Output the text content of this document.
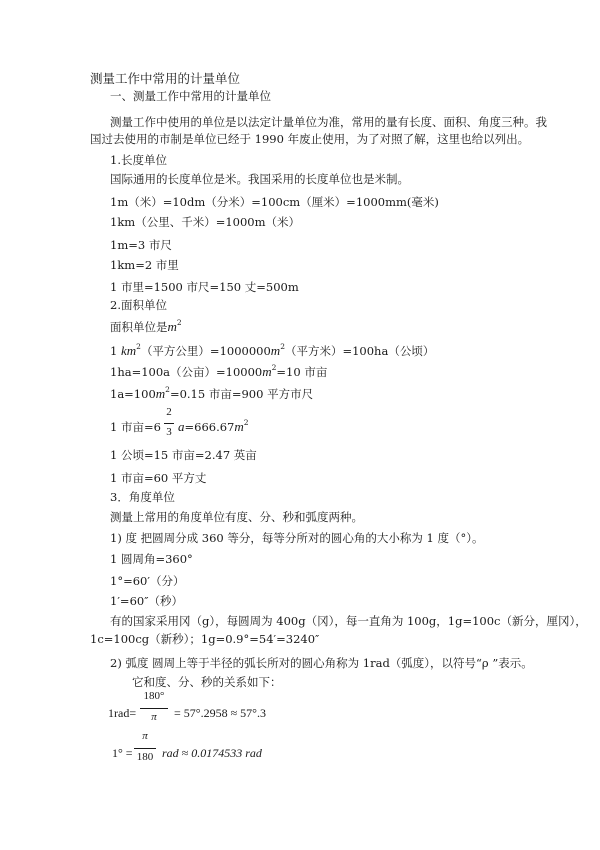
测量工作中常用的计量单位
一、测量工作中常用的计量单位
测量工作中使用的单位是以法定计量单位为准，常用的量有长度、面积、角度三种。我
国过去使用的市制是单位已经于 1990 年废止使用，为了对照了解，这里也给以列出。
1.长度单位
国际通用的长度单位是米。我国采用的长度单位也是米制。
1m（米）=10dm（分米）=100cm（厘米）=1000mm(毫米)
1km（公里、千米）=1000m（米）
1m=3 市尺
1km=2 市里
1 市里=1500 市尺=150 丈=500m
2.面积单位
面积单位是$m^2$
1 $km^2$（平方公里）$=1000000m^2$（平方米）=100ha（公顷）
1ha=100a（公亩）$=10000m^2=10$ 市亩
$1a=100m^2=0.15$ 市亩=900 平方市尺
1 市亩=6
2
3 $a=666.67m^2$
1 公顷=15 市亩=2.47 英亩
1 市亩=60 平方丈
3．角度单位
测量上常用的角度单位有度、分、秒和弧度两种。
1) 度 把圆周分成 360 等分，每等分所对的圆心角的大小称为 1 度（°）。
1 圆周角=360°
1°=60′（分）
1′=60″（秒）
有的国家采用冈（g），每圆周为 400g（冈），每一直角为 100g，1g=100c（新分，厘冈），
1c=100cg（新秒）；1g=0.9°=54′=3240″
2) 弧度 圆周上等于半径的弧长所对的圆心角称为 1rad（弧度），以符号“ρ ”表示。
它和度、分、秒的关系如下：
1rad=
180°
π	= 57°.2958 ≈ 57°.3
1° =
π
180 rad ≈ 0.0174533 rad
